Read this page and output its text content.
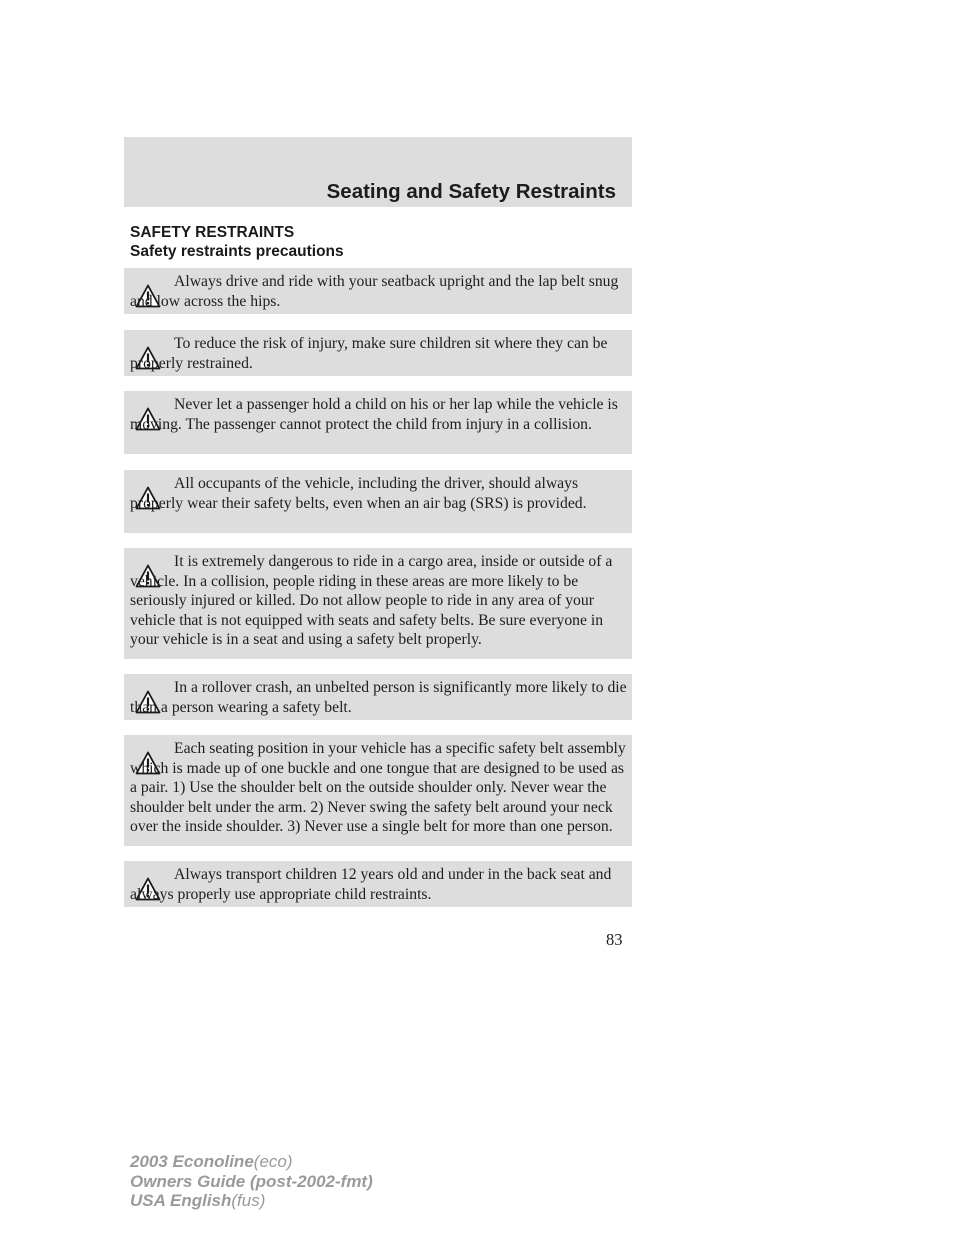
Seating and Safety Restraints
SAFETY RESTRAINTS
Safety restraints precautions

Always drive and ride with your seatback upright and the lap belt snug and low across the hips.

To reduce the risk of injury, make sure children sit where they can be properly restrained.

Never let a passenger hold a child on his or her lap while the vehicle is moving. The passenger cannot protect the child from injury in a collision.

All occupants of the vehicle, including the driver, should always properly wear their safety belts, even when an air bag (SRS) is provided.

It is extremely dangerous to ride in a cargo area, inside or outside of a vehicle. In a collision, people riding in these areas are more likely to be seriously injured or killed. Do not allow people to ride in any area of your vehicle that is not equipped with seats and safety belts. Be sure everyone in your vehicle is in a seat and using a safety belt properly.

In a rollover crash, an unbelted person is significantly more likely to die than a person wearing a safety belt.

Each seating position in your vehicle has a specific safety belt assembly which is made up of one buckle and one tongue that are designed to be used as a pair. 1) Use the shoulder belt on the outside shoulder only. Never wear the shoulder belt under the arm. 2) Never swing the safety belt around your neck over the inside shoulder. 3) Never use a single belt for more than one person.

Always transport children 12 years old and under in the back seat and always properly use appropriate child restraints.

83
2003 Econoline(eco)
Owners Guide (post-2002-fmt)
USA English(fus)
